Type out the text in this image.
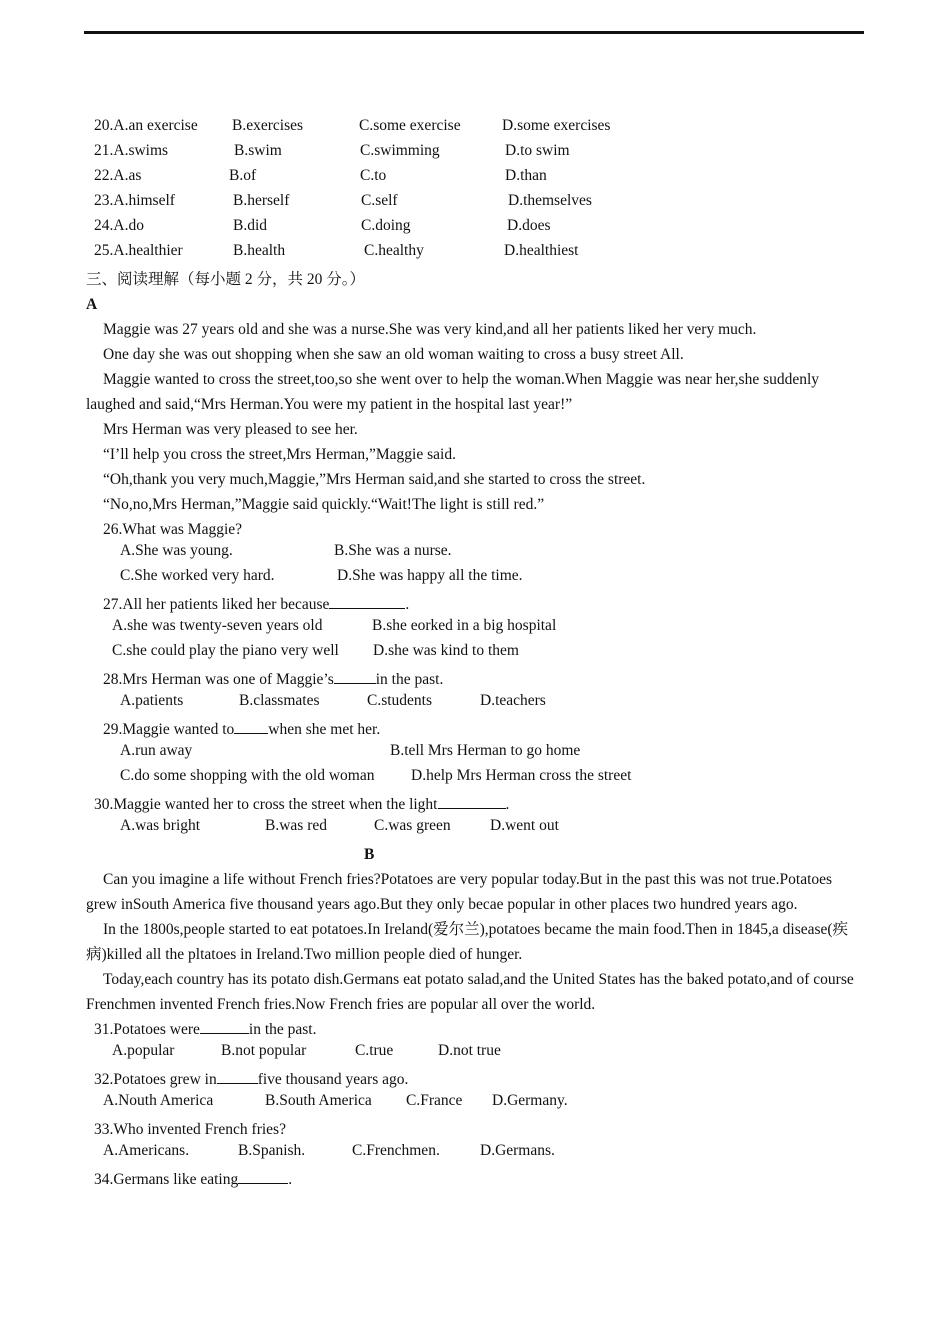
20.A.an exercise B.exercises	C.some exercise	D.some exercises
21.A.swims	B.swim	C.swimming	D.to swim
22.A.as	B.of	C.to	D.than
23.A.himself	B.herself	C.self	D.themselves
24.A.do	B.did	C.doing	D.does
25.A.healthier	B.health	C.healthy	D.healthiest
三、阅读理解（每小题 2 分，共 20 分。）
A
Maggie was 27 years old and she was a nurse.She was very kind,and all her patients liked her very much.
One day she was out shopping when she saw an old woman waiting to cross a busy street All.
Maggie wanted to cross the street,too,so she went over to help the woman.When Maggie was near her,she suddenly laughed and said,“Mrs Herman.You were my patient in the hospital last year!”
Mrs Herman was very pleased to see her.
“I’ll help you cross the street,Mrs Herman,”Maggie said.
“Oh,thank you very much,Maggie,”Mrs Herman said,and she started to cross the street.
“No,no,Mrs Herman,”Maggie said quickly.“Wait!The light is still red.”
26.What was Maggie?
A.She was young.	B.She was a nurse.
C.She worked very hard.	D.She was happy all the time.
27.All her patients liked her because	.
A.she was twenty-seven years old	B.she eorked in a big hospital
C.she could play the piano very well D.she was kind to them
28.Mrs Herman was one of Maggie’s	in the past.
A.patients	B.classmates	C.students	D.teachers
29.Maggie wanted to when she met her.
A.run away	B.tell Mrs Herman to go home
C.do some shopping with the old woman D.help Mrs Herman cross the street
30.Maggie wanted her to cross the street when the light	.
A.was bright	B.was red	C.was green	D.went out
B
Can you imagine a life without French fries?Potatoes are very popular today.But in the past this was not true.Potatoes grew inSouth America five thousand years ago.But they only becae popular in other places two hundred years ago.
In the 1800s,people started to eat potatoes.In Ireland(爱尔兰),potatoes became the main food.Then in 1845,a disease(疾病)killed all the pltatoes in Ireland.Two million people died of hunger.
Today,each country has its potato dish.Germans eat potato salad,and the United States has the baked potato,and of course Frenchmen invented French fries.Now French fries are popular all over the world.
31.Potatoes were	in the past.
A.popular	B.not popular	C.true	D.not true
32.Potatoes grew in	five thousand years ago.
A.Nouth America	B.South America C.France D.Germany.
33.Who invented French fries?
A.Americans.	B.Spanish.	C.Frenchmen.	D.Germans.
34.Germans like eating	.
